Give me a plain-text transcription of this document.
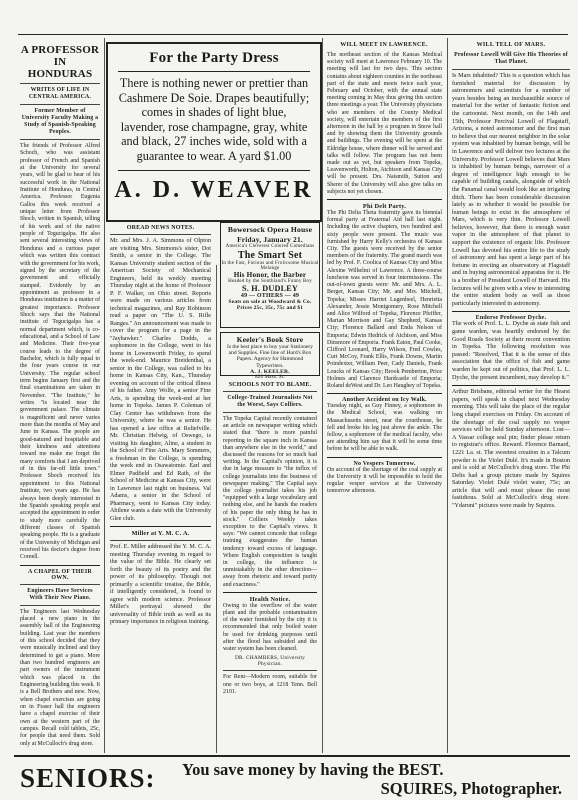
WILL MEET IN LAWRENCE.	WILL TELL OF MARS.
A PROFESSOR IN HONDURAS
WRITES OF LIFE IN CENTRAL AMERICA.
Former Member of University Faculty Making a Study of Spanish-Speaking Peoples.

The friends of Professor Alfred Schoch, who was assistant professor of French and Spanish at the University for several years, will be glad to hear of his successful work in the National Institute of Honduras, in Central America. Professor Eugenia Gallos this week received a unique letter from Professor Shoch, written in Spanish, telling of his work and of the native people of Tegucigalpa. He also sent several interesting views of Honduras and a curious paper which was written this contract with the government for his work, signed by the secretary of the government and officially stamped. Evidently by an appointment as professor in a Honduras institution is a matter of greatest importance. Professor Shoch says that the National institute of Tegucigalpa has a normal department which, is co-educational, and a School of Law and Medicine. Their five-year course leads to the degree of Bachelor, which is fully equal to the four years course in our University. The regular school term begins January first and the final examinations are taken in November. "The Institute," he writes "is located near the government palace. The climate is magnificent and never varies more than the months of May and June in Kansas. The people are good-natured and hospitable and their kindness and attentions toward me make me forget the many comforts that I am deprived of in this far-off little town." Professor Shoch received his appointment to this National Institute, two years ago. He has always been deeply interested in the Spanish speaking people and accepted the appointment in order to study more carefully the different classes of Spanish speaking people. He is a graduate of the University of Michigan and received his doctor's degree from Cornell.

A CHAPEL OF THEIR OWN.
Engineers Have Services With Their New Piano.

The Engineers last Wednesday placed a new piano in the assembly hall of the Engineering building. Last year the members of this school decided that they were musically inclined and they determined to get a piano. More than two hundred engineers are part owners of the instrument which was placed in the Engineering building this week. It is a Bell Brothers and new. Now, when chapel exercises are going on in Fraser hall the engineers have a chapel exercise of their own at the western part of the campus. Recall cold tablets, 25c, for people that need them. Sold only at McCulloch's drug store.

For the Party Dress

There is nothing newer or prettier than Cashmere De Soie. Drapes beautifully; comes in shades of light blue, lavender, rose champagne, gray, white and black, 27 inches wide, sold with a guarantee to wear. A yard $1.00

A. D. WEAVER
OREAD NEWS NOTES.

Mr. and Mrs. J. A. Simmons of Olpton are visiting Mrs. Simmons's sister, Dot Smith, a senior in the College. The Kansas University student section of the American Society of Mechanical Engineers, held its weekly meeting Thursday night at the home of Professor P. F. Walker, on Ohio street. Reports were made on various articles from technical magazines, and Ray Robinson read a paper on "The U. S. Rifle Ranges." An announcement was made to cover the program for a page in the "Jayhawker." Charles Dodds, a sophomore in the College, went to his home in Lowenworth Friday, to spend the week-end. Maurice Breidenthal, a senior in the College, was called to his home in Kansas City, Kan., Thursday evening on account of the critical illness of his father. Amy Wolfe, a senior Fine Arts, is spending the week-end at her home in Topeka. James P. Coleman of Clay Center has withdrawn from the University, where he was a senior. He has opened a law office at Reliefville. Mr. Christian Helwig, of Oswego, is visiting his daughter, Aline, a student in the School of Fine Arts. Mary Sommers, a freshman in the College, is spending the week end in Osawatomie. Earl and Elmer Padfield and Ed Rath, of the School of Medicine at Kansas City, were in Lawrence last night on business. Val Adams, a senior in the School of Pharmacy, went to Kansas City today. Abilene wants a date with the University Glee club.

Miller at Y. M. C. A.

Prof. E. Miller addressed the Y. M. C. A. meeting Thursday evening in regard to the value of the Bible. He clearly set forth the beauty of its poetry and the power of its philosophy. Though not primarily a scientific treatise, the Bible, if intelligently considered, is found to agree with modern science. Professor Miller's portrayal showed the universality of Bible truth as well as its primary importance in religious training.

Bowersock Opera House
Friday, January 21.
America's Cleverest Colored Comedians
The Smart Set
In the Fast, Furious and Frolicsome Musical Melange
His Honor, the Barber
Headed by the Southland's Funny Boy
S. H. DUDLEY
49 — OTHERS — 49
Seats on sale at Woodward & Co. Prices 25c, 35c, 75c and $1
Keeler's Book Store

Is the best place to buy your Stationery and Supplies. Fine line of Hurd's Box Papers. Agency for Hammond Typewriters.

A. J. KEELER.
820 Mass. St.
SCHOOLS NOT TO BLAME.
College-Trained Journalists Not the Worst, Says Colliers.

The Topeka Capital recently contained an article on newspaper writing which stated that "there is more painful reporting to the square inch in Kansas than anywhere else in the world," and discussed the reasons for so much bad writing. In the Capital's opinion, it is due in large measure to "the influx of college journalists into the business of newspaper making." The Capital says the college journalist takes his job "equipped with a large vocabulary and nothing else, and he hands the readers of his paper the only thing he has in stock." Colliers Weekly takes exception to the Capital's views. It says: "We cannot concede that college training exaggerates the human tendency toward excess of language. Where English composition is taught in college, the influence is unmistakably in the other direction—away from rhetoric and toward purity and exactness."

Health Notice.

Owing to the overflow of the water plant and the probable contamination of the water furnished by the city it is recommended that only boiled water be used for drinking purposes until after the flood has subsided and the water system has been cleaned.

DR. CHAMBERS, University Physician.

For Rent—Modern room, suitable for one or two boys, at 1218 Tenn. Bell 2101.

The northeast section of the Kansas Medical society will meet at Lawrence February 10. The meeting will last for two days. This section contains about eighteen counties in the northeast part of the state and meets twice each year, February and October, with the annual state meeting coming in May thus giving this section three meetings a year. The University physicians who are members of the County Medical society, will entertain the members of the first afternoon in the hall by a program in Snow hall and by showing them the University grounds and buildings. The evening will be spent at the Eldridge house, where dinner will be served and talks will follow. The program has not been made out as yet, but speakers from Topeka, Leavenworth, Holton, Atchison and Kansas City will be present. Drs. Naismith, Sutton and Sherer of the University will also give talks on subjects not yet chosen.

Phi Delt Party.

The Phi Delta Theta fraternity gave its biennial formal party at Fraternal Aid hall last night. Including the active chapters, two hundred and sixty people were present. The music was furnished by Harry Kelly's orchestra of Kansas City. The guests were received by the senior members of the fraternity. The grand march was led by Prof. F. Coolica of Kansas City and Miss Alexine Wilhelmi of Lawrence. A three-course luncheon was served in four intermissions. The out-of-town guests were: Mr. and Mrs. A. L. Berger, Kansas City; Mr. and Mrs. Mitchell, Topeka; Misses Harriet Lugenbeel, Henrietta Alexander, Jessie Montgomery, Rose Mitchell and Alice Wilford of Topeka, Florence Pfeiffer, Marian Morrison and Gay Shepherd, Kansas City; Florence Ballard and Enda Nelson of Emporia; Edwin Hedrick of Atchison, and Miss Dinsmore of Emporia. Frank Eaton, Paul Cooke, Clifford Leonard, Harry Wilson, Fred Cowles, Curt McCoy, Frank Ellis, Frank Downs, Martin Poindexter, William Peer, Cady Daniels, Frank Loucks of Kansas City; Brook Pemberton, Price Holmes and Clarence Hardcastle of Emporia; Roland deWest and Dr. Leo Haughey of Topeka.

Another Accident on Icy Walk.

Tuesday night, as Guy Finney, a sophomore in the Medical School, was walking on Massachusetts street, near the courthouse, he fell and broke his leg just above the ankle. The fellow, a sophomore of the medical faculty, who are attending him say that it will be some time before he will be able to walk.

No Vespers Tomorrow.

On account of the shortage of the coal supply at the University it will be impossible to hold the regular vesper services at the University tomorrow afternoon.

Professor Lowell Will Give His Theories of That Planet.

Is Mars inhabited? This is a question which has furnished material for discussion by astronomers and scientists for a number of years besides being an inexhaustible source of material for the writer of fantastic fiction and the cartoonist. Next month, on the 14th and 15th, Professor Percival Lowell of Flagstaff, Arizona, a noted astronomer and the first man to believe that our nearest neighbor in the solar system was inhabited by human beings, will be in Lawrence and will deliver two lectures at the University. Professor Lowell believes that Mars is inhabited by human beings, narrower of a degree of intelligence high enough to be capable of building canals, alongside of which the Panamal canal would look like an irrigating ditch. There has been considerable discussion lately as to whether it would be possible for human beings to exist in the atmosphere of Mars, which is very thin. Professor Lowell believes, however, that there is enough water vapor in the atmosphere of that planet to support the existence of organic life. Professor Lowell has devoted his entire life to the study of astronomy and has spent a large part of his fortune in erecting an observatory at Flagstaff and in buying astronomical apparatus for it. He is a brother of President Lowell of Harvard. His lectures will be given with a view to interesting the entire student body as well as those particularly interested in astronomy.

Endorse Professor Dyche.

The work of Prof. L. L. Dyche as state fish and game warden, was heartily endorsed by the Good Roads Society at their recent convention in Topeka. The following resolution was passed: "Resolved, That it is the sense of this association that the office of fish and game warden be kept out of politics, that Prof. L. L. Dyche, the present incumbent, may develop it."

Arthur Brisbane, editorial writer for the Hearst papers, will speak in chapel next Wednesday morning. This will take the place of the regular long chapel exercises on Friday. On account of the shortage of the coal supply no vesper services will be held Sunday afternoon. Lost—A Vassar college seal pin; finder please return to registrar's office. Reward. Florence Barnard, 1221 La. st. The sweetest creation in a Talcum powder is the Violet Dulé. It's made in Boston and is sold at McCulloch's drug store. The Phi Delts had a group picture made by Squires Saturday. Violet Dulé violet water, 75c; an article that will and must please the most fastidious. Sold at McCulloch's drug store. "Ydaruni" pictures were made by Squires.

SENIORS: You save money by having the BEST.
SQUIRES, Photographer.
